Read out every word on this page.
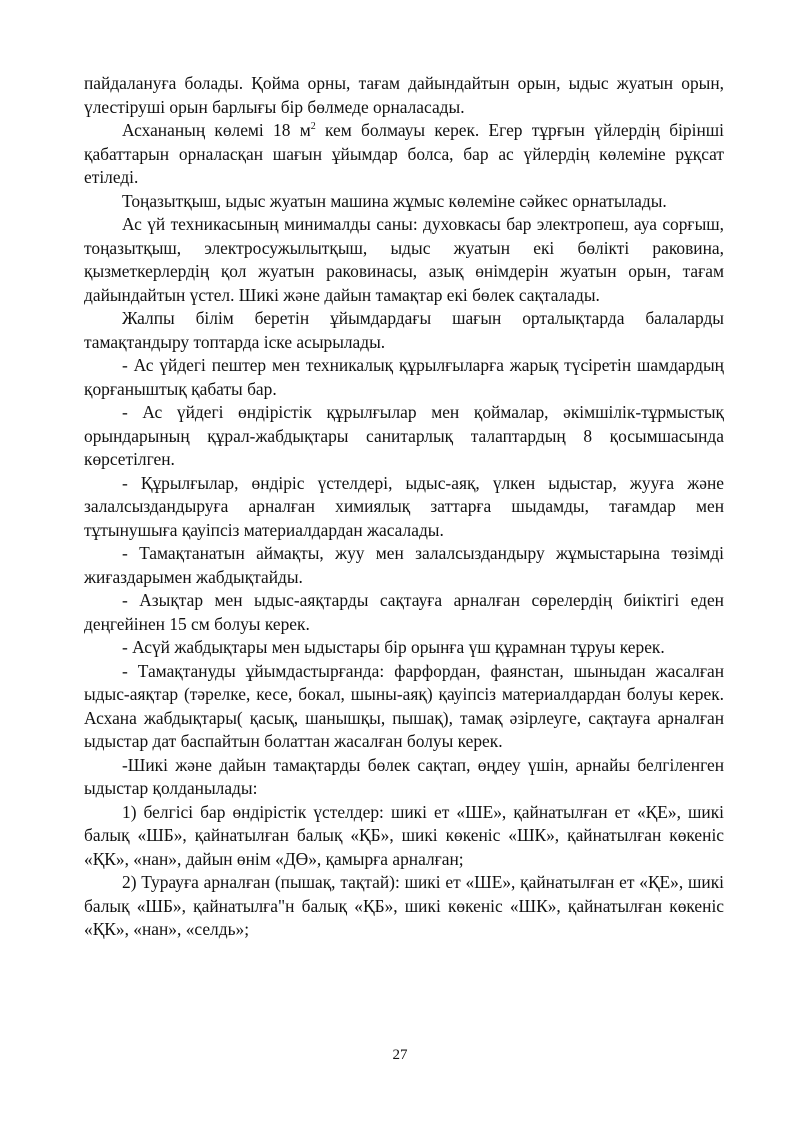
пайдалануға болады. Қойма орны, тағам дайындайтын орын, ыдыс жуатын орын, үлестіруші орын барлығы бір бөлмеде орналасады.

Асхананың көлемі 18 $м^2$ кем болмауы керек. Егер тұрғын үйлердің бірінші қабаттарын орналасқан шағын ұйымдар болса, бар ас үйлердің көлеміне рұқсат етіледі.

Тоңазытқыш, ыдыс жуатын машина жұмыс көлеміне сәйкес орнатылады.

Ас үй техникасының минималды саны: духовкасы бар электропеш, ауа сорғыш, тоңазытқыш, электросужылытқыш, ыдыс жуатын екі бөлікті раковина, қызметкерлердің қол жуатын раковинасы, азық өнімдерін жуатын орын, тағам дайындайтын үстел. Шикі және дайын тамақтар екі бөлек сақталады.

Жалпы білім беретін ұйымдардағы шағын орталықтарда балаларды тамақтандыру топтарда іске асырылады.

- Ас үйдегі пештер мен техникалық құрылғыларға жарық түсіретін шамдардың қорғаныштық қабаты бар.

- Ас үйдегі өндірістік құрылғылар мен қоймалар, әкімшілік-тұрмыстық орындарының құрал-жабдықтары санитарлық талаптардың 8 қосымшасында көрсетілген.

- Құрылғылар, өндіріс үстелдері, ыдыс-аяқ, үлкен ыдыстар, жууға және залалсыздандыруға арналған химиялық заттарға шыдамды, тағамдар мен тұтынушыға қауіпсіз материалдардан жасалады.

- Тамақтанатын аймақты, жуу мен залалсыздандыру жұмыстарына төзімді жиғаздарымен жабдықтайды.

- Азықтар мен ыдыс-аяқтарды сақтауға арналған сөрелердің биіктігі еден деңгейінен 15 см болуы керек.

- Асүй жабдықтары мен ыдыстары бір орынға үш құрамнан тұруы керек.

- Тамақтануды ұйымдастырғанда: фарфордан, фаянстан, шыныдан жасалған ыдыс-аяқтар (тәрелке, кесе, бокал, шыны-аяқ) қауіпсіз материалдардан болуы керек. Асхана жабдықтары( қасық, шанышқы, пышақ), тамақ әзірлеуге, сақтауға арналған ыдыстар дат баспайтын болаттан жасалған болуы керек.

-Шикі және дайын тамақтарды бөлек сақтап, өңдеу үшін, арнайы белгіленген ыдыстар қолданылады:

1) белгісі бар өндірістік үстелдер: шикі ет «ШЕ», қайнатылған ет «ҚЕ», шикі балық «ШБ», қайнатылған балық «ҚБ», шикі көкеніс «ШК», қайнатылған көкеніс «ҚК», «нан», дайын өнім «ДӨ», қамырға арналған;

2) Турауға арналған (пышақ, тақтай): шикі ет «ШЕ», қайнатылған ет «ҚЕ», шикі балық «ШБ», қайнатылға"н балық «ҚБ», шикі көкеніс «ШК», қайнатылған көкеніс «ҚК», «нан», «селдь»;

27
